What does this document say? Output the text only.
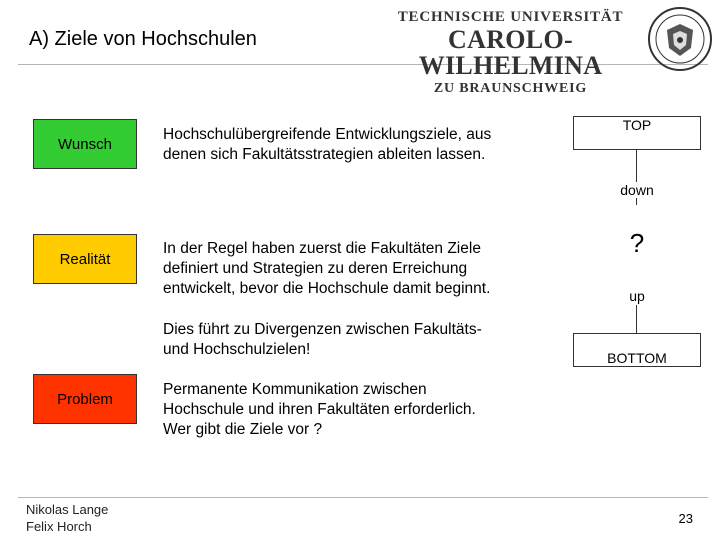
A) Ziele von Hochschulen
TECHNISCHE UNIVERSITÄT
CAROLO-WILHELMINA
ZU BRAUNSCHWEIG
Wunsch
Hochschulübergreifende Entwicklungsziele, aus
denen sich Fakultätsstrategien ableiten lassen.
Realität
In der Regel haben zuerst die Fakultäten Ziele
definiert und Strategien zu deren Erreichung
entwickelt, bevor die Hochschule damit beginnt.
Dies führt zu Divergenzen zwischen Fakultäts-
und Hochschulzielen!
Problem
Permanente Kommunikation zwischen
Hochschule und ihren Fakultäten erforderlich.
Wer gibt die Ziele vor ?
TOP
down
?
up
BOTTOM
Nikolas Lange
Felix Horch
23
